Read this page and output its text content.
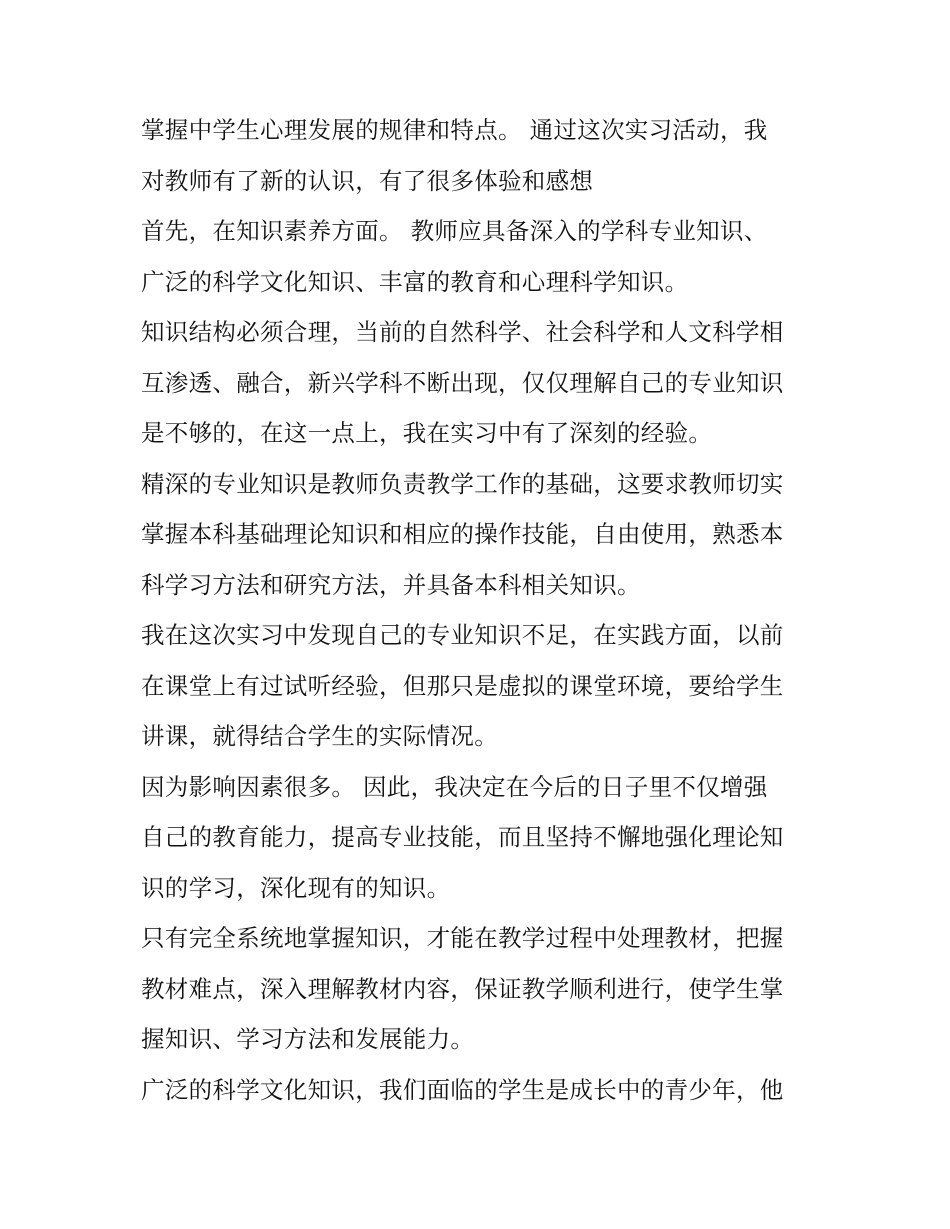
掌握中学生心理发展的规律和特点。 通过这次实习活动，我
对教师有了新的认识，有了很多体验和感想
首先，在知识素养方面。 教师应具备深入的学科专业知识、
广泛的科学文化知识、丰富的教育和心理科学知识。
知识结构必须合理，当前的自然科学、社会科学和人文科学相
互渗透、融合，新兴学科不断出现，仅仅理解自己的专业知识
是不够的，在这一点上，我在实习中有了深刻的经验。
精深的专业知识是教师负责教学工作的基础，这要求教师切实
掌握本科基础理论知识和相应的操作技能，自由使用，熟悉本
科学习方法和研究方法，并具备本科相关知识。
我在这次实习中发现自己的专业知识不足，在实践方面，以前
在课堂上有过试听经验，但那只是虚拟的课堂环境，要给学生
讲课，就得结合学生的实际情况。
因为影响因素很多。 因此，我决定在今后的日子里不仅增强
自己的教育能力，提高专业技能，而且坚持不懈地强化理论知
识的学习，深化现有的知识。
只有完全系统地掌握知识，才能在教学过程中处理教材，把握
教材难点，深入理解教材内容，保证教学顺利进行，使学生掌
握知识、学习方法和发展能力。
广泛的科学文化知识，我们面临的学生是成长中的青少年，他
